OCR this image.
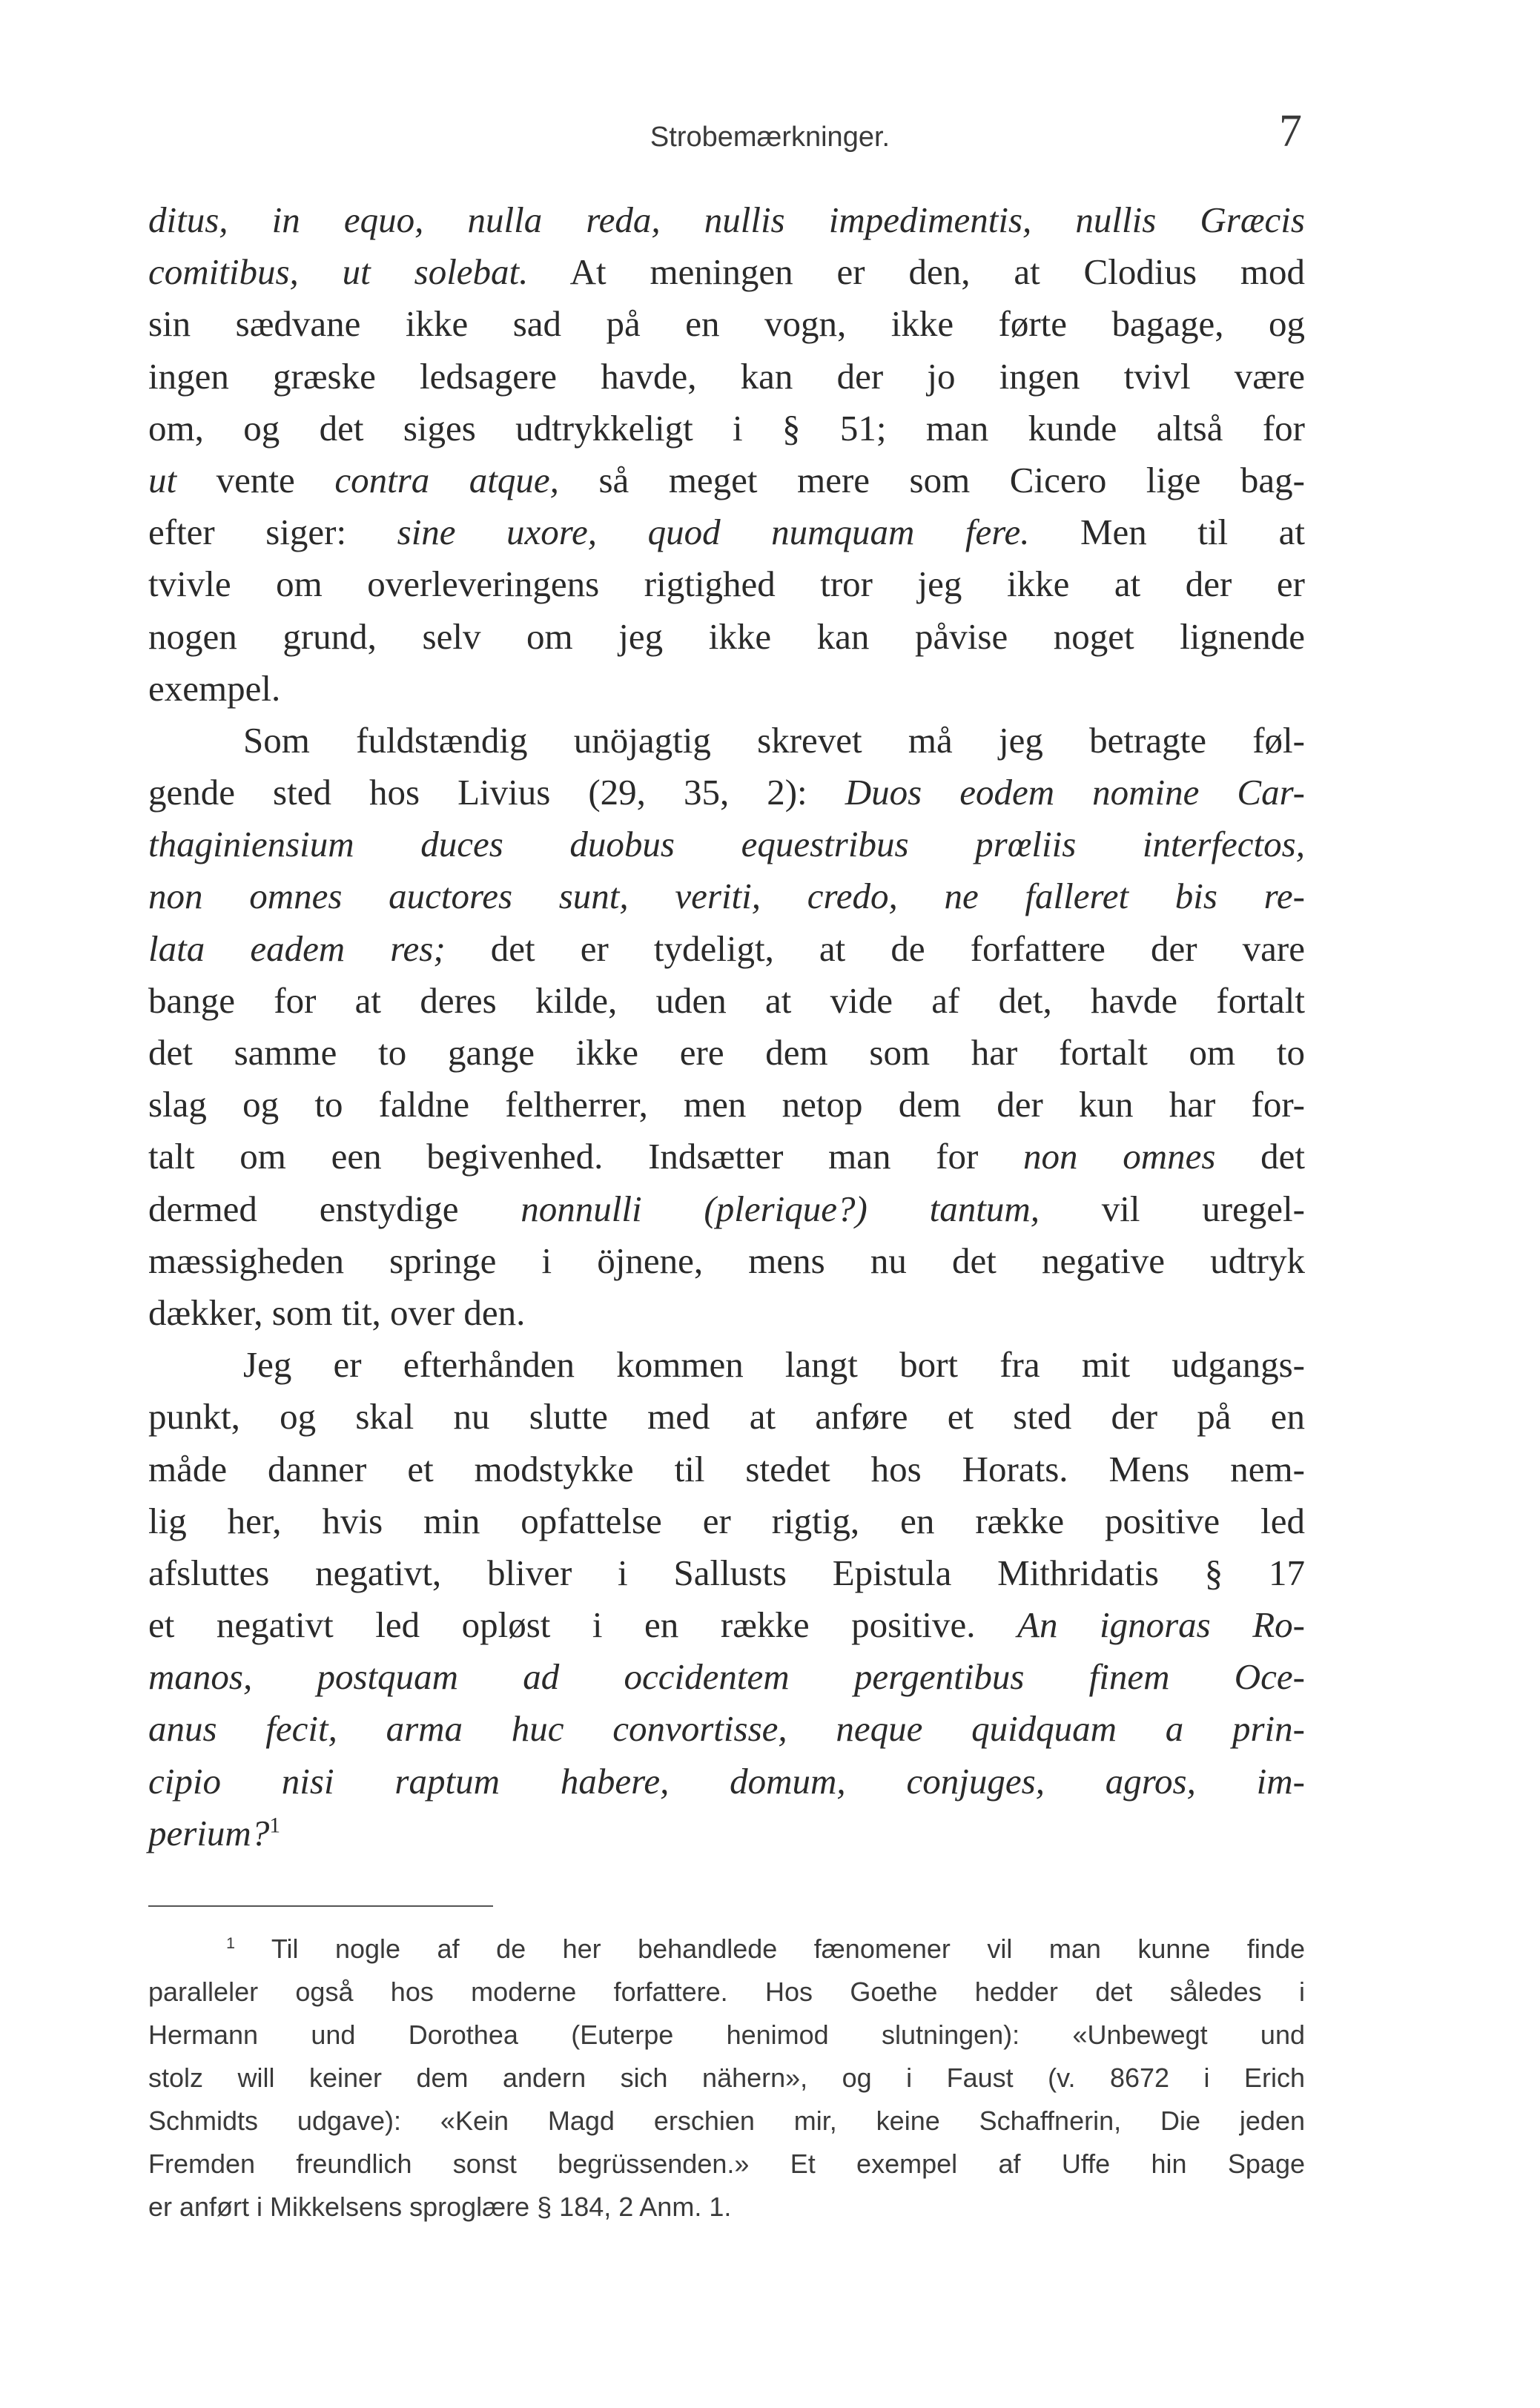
Strobemærkninger.	7
ditus, in equo, nulla reda, nullis impedimentis, nullis Græcis
comitibus, ut solebat. At meningen er den, at Clodius mod
sin sædvane ikke sad på en vogn, ikke førte bagage, og
ingen græske ledsagere havde, kan der jo ingen tvivl være
om, og det siges udtrykkeligt i § 51; man kunde altså for
ut vente contra atque, så meget mere som Cicero lige bag-
efter siger: sine uxore, quod numquam fere. Men til at
tvivle om overleveringens rigtighed tror jeg ikke at der er
nogen grund, selv om jeg ikke kan påvise noget lignende
exempel.
Som fuldstændig unöjagtig skrevet må jeg betragte føl-
gende sted hos Livius (29, 35, 2): Duos eodem nomine Car-
thaginiensium duces duobus equestribus prœliis interfectos,
non omnes auctores sunt, veriti, credo, ne falleret bis re-
lata eadem res; det er tydeligt, at de forfattere der vare
bange for at deres kilde, uden at vide af det, havde fortalt
det samme to gange ikke ere dem som har fortalt om to
slag og to faldne feltherrer, men netop dem der kun har for-
talt om een begivenhed. Indsætter man for non omnes det
dermed enstydige nonnulli (plerique?) tantum, vil uregel-
mæssigheden springe i öjnene, mens nu det negative udtryk
dækker, som tit, over den.
Jeg er efterhånden kommen langt bort fra mit udgangs-
punkt, og skal nu slutte med at anføre et sted der på en
måde danner et modstykke til stedet hos Horats. Mens nem-
lig her, hvis min opfattelse er rigtig, en række positive led
afsluttes negativt, bliver i Sallusts Epistula Mithridatis § 17
et negativt led opløst i en række positive. An ignoras Ro-
manos, postquam ad occidentem pergentibus finem Oce-
anus fecit, arma huc convortisse, neque quidquam a prin-
cipio nisi raptum habere, domum, conjuges, agros, im-
perium?$^1$
$^1$ Til nogle af de her behandlede fænomener vil man kunne finde
paralleler også hos moderne forfattere. Hos Goethe hedder det således i
Hermann und Dorothea (Euterpe henimod slutningen): «Unbewegt und
stolz will keiner dem andern sich nähern», og i Faust (v. 8672 i Erich
Schmidts udgave): «Kein Magd erschien mir, keine Schaffnerin, Die jeden
Fremden freundlich sonst begrüssenden.» Et exempel af Uffe hin Spage
er anført i Mikkelsens sproglære § 184, 2 Anm. 1.
